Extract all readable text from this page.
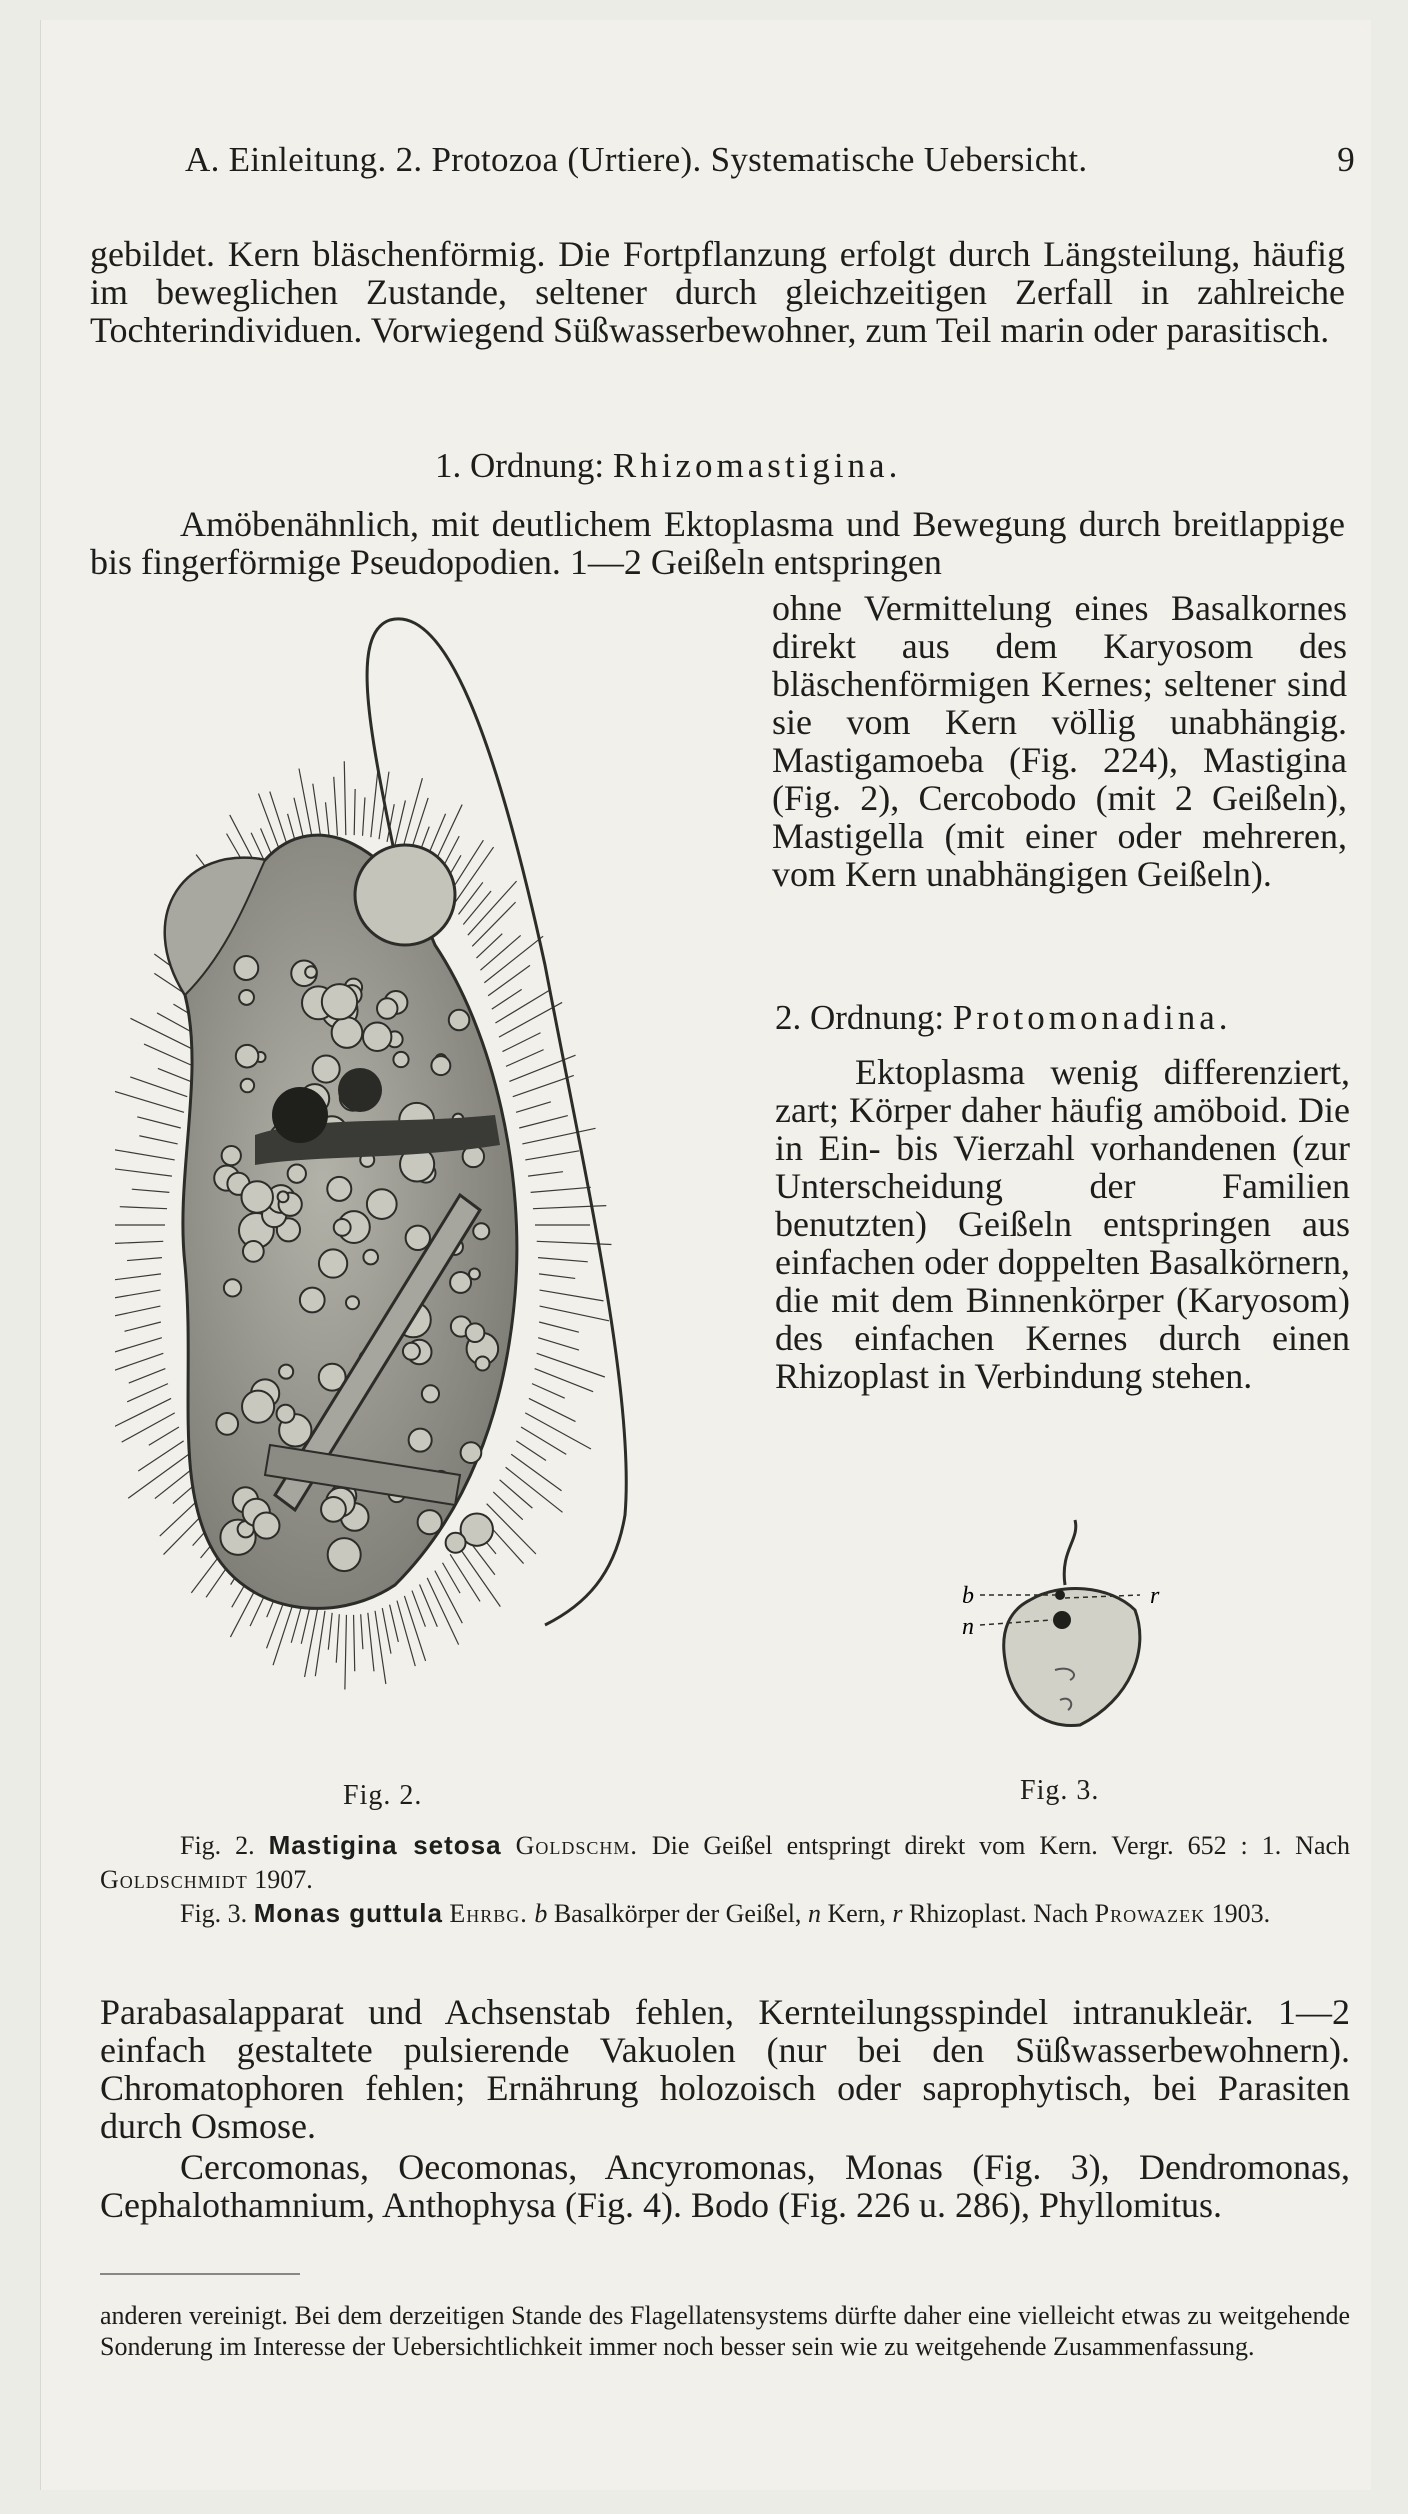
A. Einleitung. 2. Protozoa (Urtiere). Systematische Uebersicht.	9
gebildet. Kern bläschenförmig. Die Fortpflanzung erfolgt durch Längsteilung, häufig im beweglichen Zustande, seltener durch gleichzeitigen Zerfall in zahlreiche Tochterindividuen. Vorwiegend Süßwasserbewohner, zum Teil marin oder parasitisch.
1. Ordnung: Rhizomastigina.
Amöbenähnlich, mit deutlichem Ektoplasma und Bewegung durch breitlappige bis fingerförmige Pseudopodien. 1—2 Geißeln entspringen
ohne Vermittelung eines Basalkornes direkt aus dem Karyosom des bläschenförmigen Kernes; seltener sind sie vom Kern völlig unabhängig. Mastigamoeba (Fig. 224), Mastigina (Fig. 2), Cercobodo (mit 2 Geißeln), Mastigella (mit einer oder mehreren, vom Kern unabhängigen Geißeln).
2. Ordnung: Protomonadina.
Ektoplasma wenig differenziert, zart; Körper daher häufig amöboid. Die in Ein- bis Vierzahl vorhandenen (zur Unterscheidung der Familien benutzten) Geißeln entspringen aus einfachen oder doppelten Basalkörnern, die mit dem Binnenkörper (Karyosom) des einfachen Kernes durch einen Rhizoplast in Verbindung stehen.
Fig. 2.
b
n
r
Fig. 3.
Fig. 2. Mastigina setosa Goldschm. Die Geißel entspringt direkt vom Kern. Vergr. 652 : 1. Nach Goldschmidt 1907.
Fig. 3. Monas guttula Ehrbg. b Basalkörper der Geißel, n Kern, r Rhizoplast. Nach Prowazek 1903.
Parabasalapparat und Achsenstab fehlen, Kernteilungsspindel intranukleär. 1—2 einfach gestaltete pulsierende Vakuolen (nur bei den Süßwasserbewohnern). Chromatophoren fehlen; Ernährung holozoisch oder saprophytisch, bei Parasiten durch Osmose.
Cercomonas, Oecomonas, Ancyromonas, Monas (Fig. 3), Dendromonas, Cephalothamnium, Anthophysa (Fig. 4). Bodo (Fig. 226 u. 286), Phyllomitus.
anderen vereinigt. Bei dem derzeitigen Stande des Flagellatensystems dürfte daher eine vielleicht etwas zu weitgehende Sonderung im Interesse der Uebersichtlichkeit immer noch besser sein wie zu weitgehende Zusammenfassung.
